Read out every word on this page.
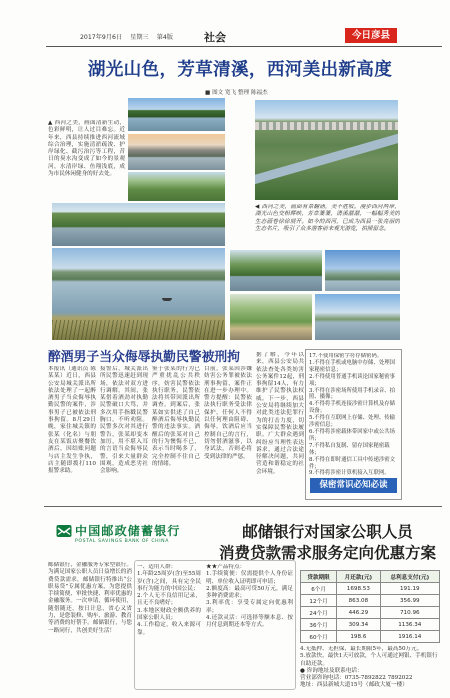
2017年9月6日 星期三 第4版	社会	今日彦县
湖光山色，芳草清溪，西河美出新高度
■ 图文 宽飞 整理 陈福杰
▲ 西河之美，画面清新生动，色彩鲜明，让人过目难忘。近年来，西县持续推进西河流域综合治理，实施清淤疏浚、护岸绿化、截污治污等工程，昔日的臭水沟变成了如今的景观河，水清岸绿、鱼翔浅底，成为市民休闲健身的好去处。
◀ 西河之美，画面有景翻涌，美不胜收。漫步西河两岸，湖光山色交相辉映，芳草萋萋，清溪潺潺，一幅幅秀美的生态画卷徐徐展开。如今的西河，已成为西县一张亮丽的生态名片，吸引了众多游客前来观光游览，拍照留念。
醉酒男子当众侮辱执勤民警被刑拘
本报讯（通讯员 陈某某）近日，西县公安局城关派出所依法处理了一起醉酒男子当众侮辱执勤民警的案件，涉事男子已被依法刑事拘留。8月29日晚，家住城关镇的张某（化名）与朋友在某饭店聚餐饮酒后，因结账问题与店主发生争执，店主随即拨打110报警求助。
接警后，城关派出所民警迅速赶到现场，依法对双方进行调解。其间，张某借着酒劲对执勤民警破口大骂，并多次用手指戳民警胸口，不听劝阻。民警多次对其进行警告，张某却变本加厉，用不堪入耳的言语当众侮辱民警，引来大量群众围观，造成恶劣社会影响。
鉴于张某的行为已严重扰乱公共秩序，妨害民警依法执行职务，民警依法将其带回派出所调查。到案后，张某如实供述了自己醉酒后侮辱执勤民警的违法事实。酒醒后的张某对自己的行为懊悔不已，表示当时喝多了，完全控制不住自己的情绪。
目前，张某因涉嫌妨害公务罪被依法刑事拘留，案件正在进一步办理中。警方提醒：民警依法执行职务受法律保护，任何人不得以任何理由阻碍、侮辱。饮酒后应当控制自己的言行，切勿借酒滋事，以身试法，否则必将受到法律的严惩。
据了解，今年以来，西县公安局共依法查处各类妨害公务案件12起，刑事拘留14人，有力维护了民警执法权威。下一步，西县公安局将继续加大对此类违法犯罪行为的打击力度，切实保障民警依法履职。广大群众遇到纠纷应当理性表达诉求，通过合法途径解决问题，共同营造和谐稳定的社会环境。
17.不使用保密字符存储密码。
1.不得在手机或电脑中存储、处理国家秘密信息；
2.不得使用普通手机谈论国家秘密事项；
3.不得在涉密场所使用手机录音、拍照、摄像；
4.不得将手机连接涉密计算机及存储设备；
5.不得在互联网上存储、处理、传输涉密信息；
6.不得将涉密载体带回家中或公共场所；
7.不得私自复制、留存国家秘密载体；
8.不得在即时通信工具中传递涉密文件；
9.不得将涉密计算机接入互联网。
保密常识必知必读
中国邮政储蓄银行
POSTAL SAVINGS BANK OF CHINA
邮储银行对国家公职人员
消费贷款需求服务定向优惠方案
邮储银行，金融服务专家型银行。为满足国家公职人员日益增长的消费贷款需求，邮储银行特推出“公职易贷”专属优惠方案，为您提供手续简便、审批快捷、利率优惠的金融服务。一次申请，循环使用，随借随还，按日计息，省心又省力，是您装修、购车、旅游、教育等消费的好帮手。邮储银行，与您一路同行，共创美好生活！
一、适用人群：
1.年龄25周岁(含)至55周岁(含)之间，具有完全民事行为能力的中国公民；
2.个人无不良信用记录，且无不良嗜好；
3.本地区财政全额供养的国家公职人员；
4.工作稳定，收入来源可靠。
★★产品特点：
1.手续简便：仅需提供个人身份证明、单位收入证明即可申请；
2.额度高：最高可贷50万元，满足多种消费需求；
3.利率优：享受专属定向优惠利率；
4.还款灵活：可选择等额本息、按月付息到期还本等方式。
贷款期限	月还款(元)	总利息支付(元)
6个月	1698.53	191.19
12个月	863.08	356.99
24个月	446.29	710.96
36个月	309.34	1136.34
60个月	198.6	1916.14
4.无抵押、无担保，最长期限5年，最高50万元。
5.放款快，最快1天可放款，个人可通过网银、手机银行自助还款。
● 咨询地址及联系电话：
营业部咨询电话：0735-7892822 7892022
地址：西县新城大道15号（邮政大厦一楼）
